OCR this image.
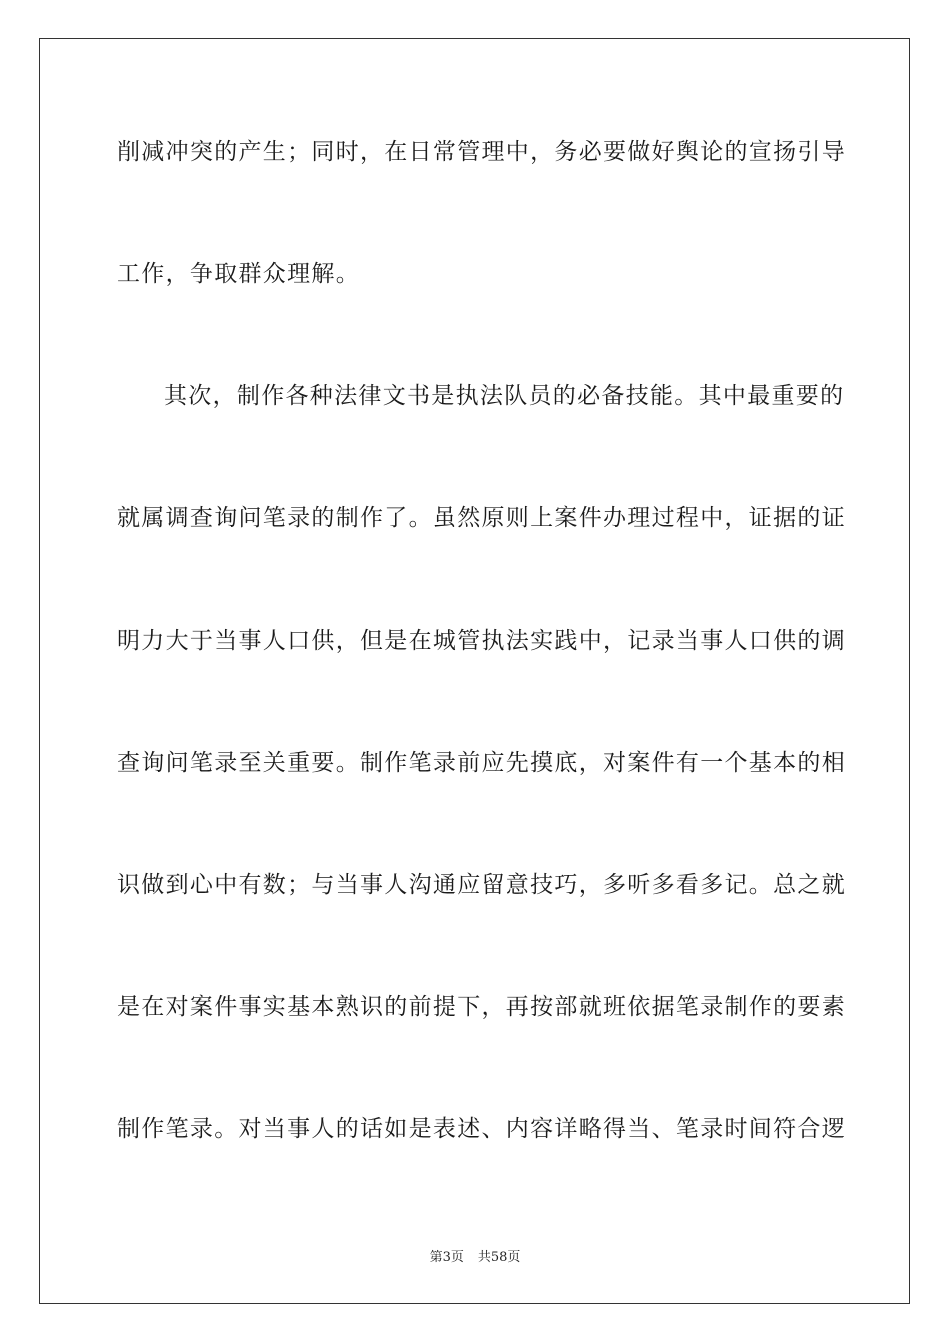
削减冲突的产生；同时，在日常管理中，务必要做好舆论的宣扬引导
工作，争取群众理解。
其次，制作各种法律文书是执法队员的必备技能。其中最重要的
就属调查询问笔录的制作了。虽然原则上案件办理过程中，证据的证
明力大于当事人口供，但是在城管执法实践中，记录当事人口供的调
查询问笔录至关重要。制作笔录前应先摸底，对案件有一个基本的相
识做到心中有数；与当事人沟通应留意技巧，多听多看多记。总之就
是在对案件事实基本熟识的前提下，再按部就班依据笔录制作的要素
制作笔录。对当事人的话如是表述、内容详略得当、笔录时间符合逻
第3页 共58页
